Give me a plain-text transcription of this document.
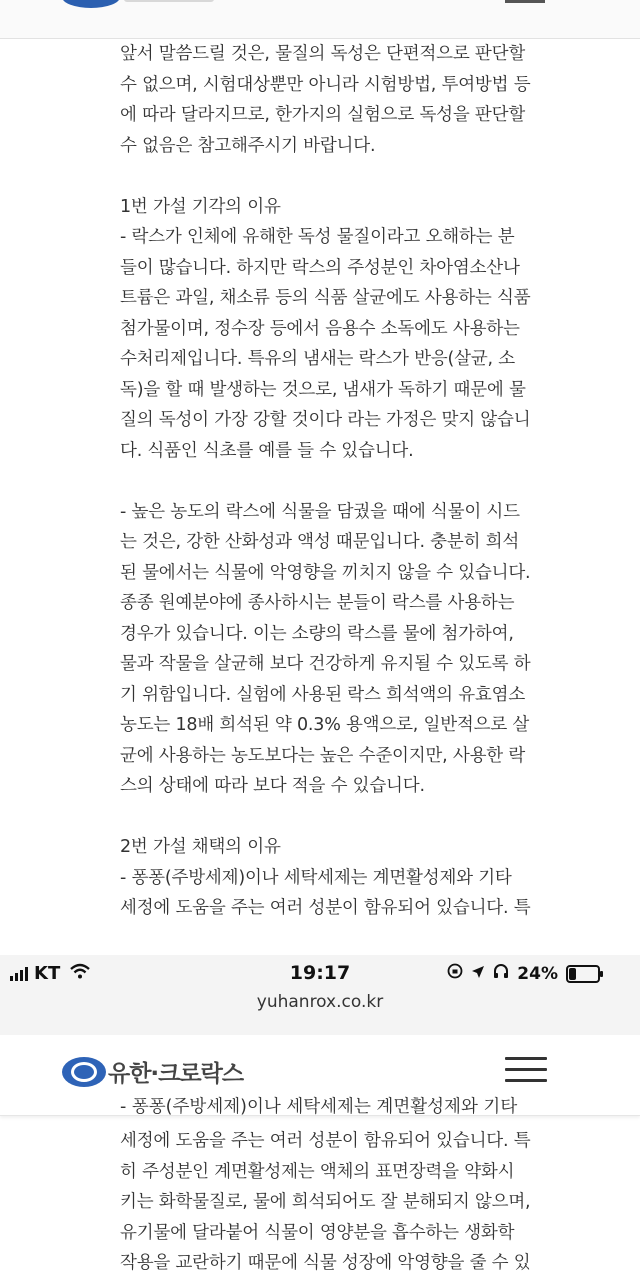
앞서 말씀드릴 것은, 물질의 독성은 단편적으로 판단할

수 없으며, 시험대상뿐만 아니라 시험방법, 투여방법 등

에 따라 달라지므로, 한가지의 실험으로 독성을 판단할

수 없음은 참고해주시기 바랍니다.

1번 가설 기각의 이유

- 락스가 인체에 유해한 독성 물질이라고 오해하는 분

들이 많습니다. 하지만 락스의 주성분인 차아염소산나

트륨은 과일, 채소류 등의 식품 살균에도 사용하는 식품

첨가물이며, 정수장 등에서 음용수 소독에도 사용하는

수처리제입니다. 특유의 냄새는 락스가 반응(살균, 소

독)을 할 때 발생하는 것으로, 냄새가 독하기 때문에 물

질의 독성이 가장 강할 것이다 라는 가정은 맞지 않습니

다. 식품인 식초를 예를 들 수 있습니다.

- 높은 농도의 락스에 식물을 담궜을 때에 식물이 시드

는 것은, 강한 산화성과 액성 때문입니다. 충분히 희석

된 물에서는 식물에 악영향을 끼치지 않을 수 있습니다.

종종 원예분야에 종사하시는 분들이 락스를 사용하는

경우가 있습니다. 이는 소량의 락스를 물에 첨가하여,

물과 작물을 살균해 보다 건강하게 유지될 수 있도록 하

기 위함입니다. 실험에 사용된 락스 희석액의 유효염소

농도는 18배 희석된 약 0.3% 용액으로, 일반적으로 살

균에 사용하는 농도보다는 높은 수준이지만, 사용한 락

스의 상태에 따라 보다 적을 수 있습니다.

2번 가설 채택의 이유

- 퐁퐁(주방세제)이나 세탁세제는 계면활성제와 기타

세정에 도움을 주는 여러 성분이 함유되어 있습니다. 특

KT	19:17	24%
yuhanrox.co.kr
유한·크로락스

- 퐁퐁(주방세제)이나 세탁세제는 계면활성제와 기타

세정에 도움을 주는 여러 성분이 함유되어 있습니다. 특

히 주성분인 계면활성제는 액체의 표면장력을 약화시

키는 화학물질로, 물에 희석되어도 잘 분해되지 않으며,

유기물에 달라붙어 식물이 영양분을 흡수하는 생화학

작용을 교란하기 때문에 식물 성장에 악영향을 줄 수 있
